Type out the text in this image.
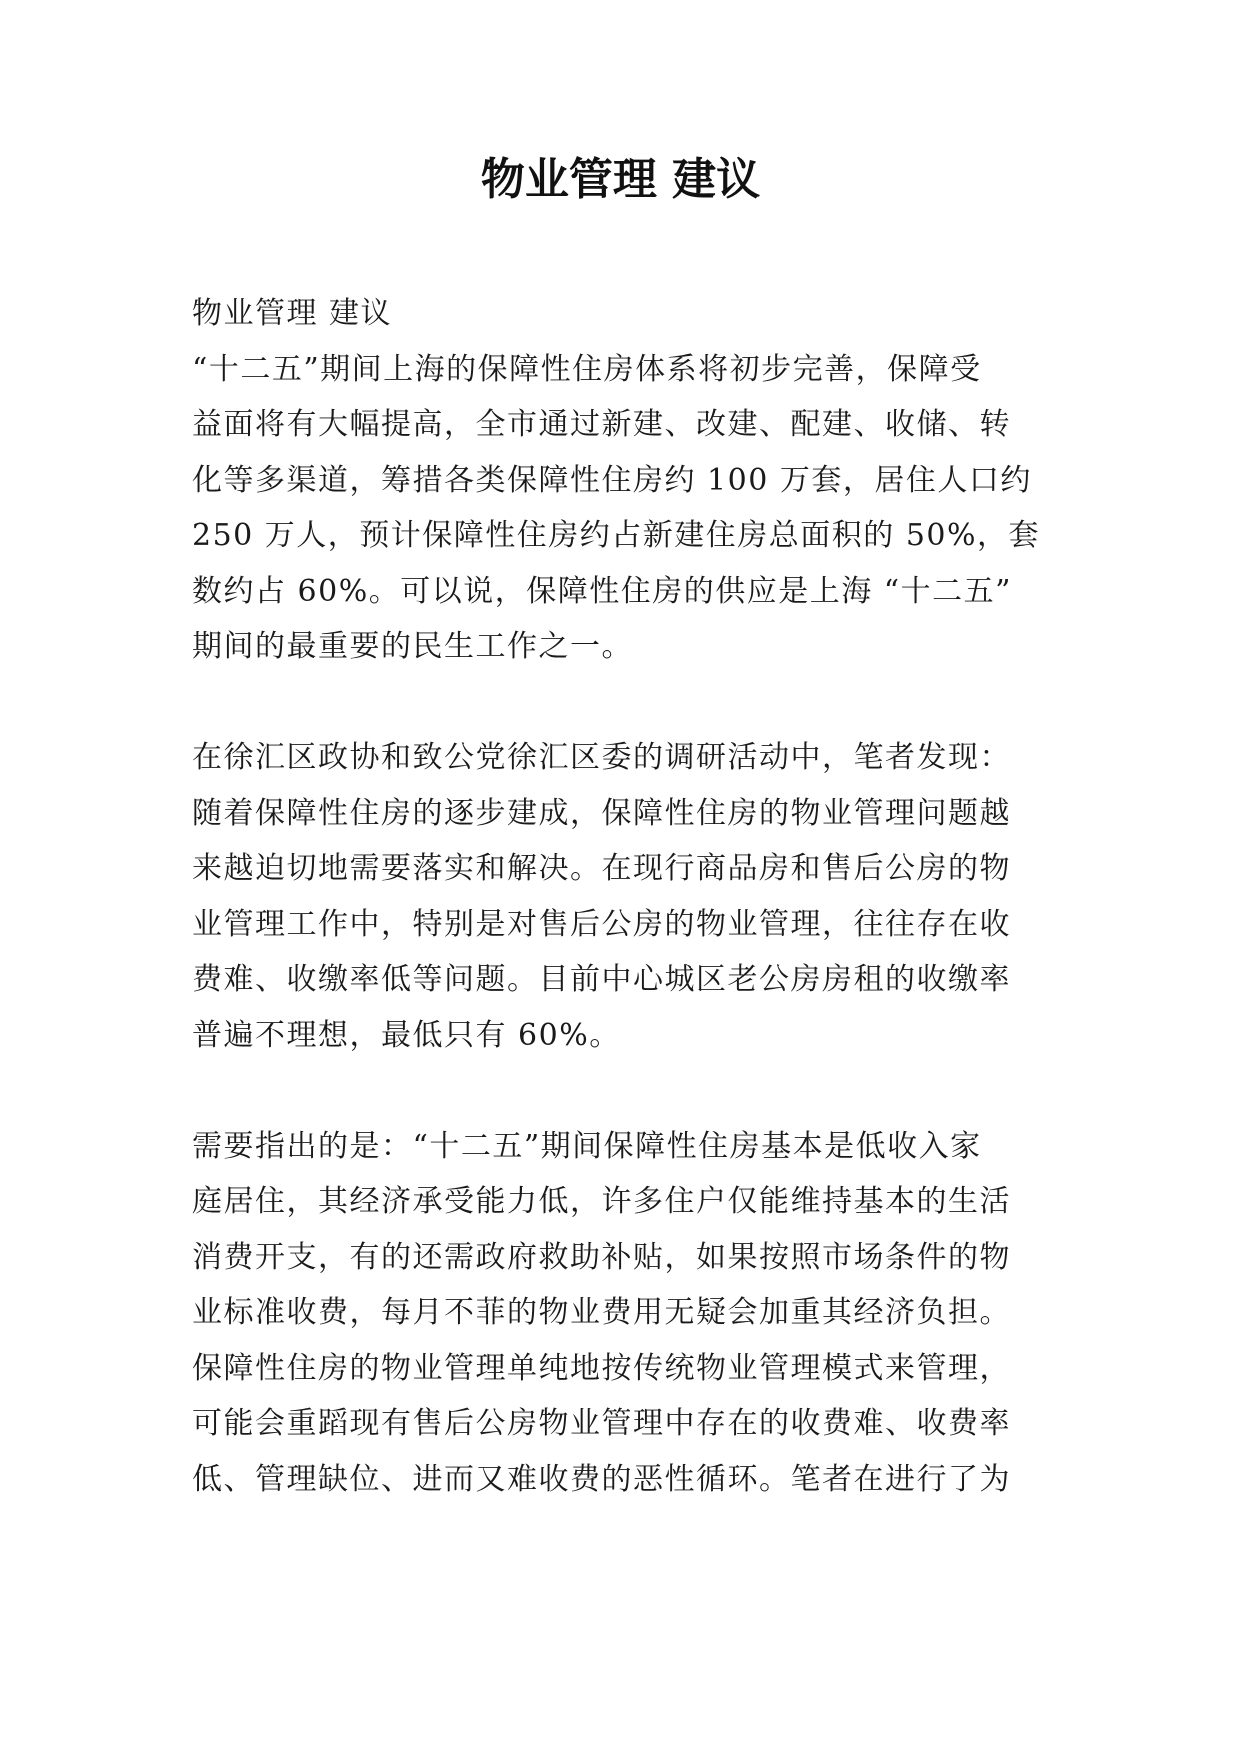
物业管理 建议
物业管理 建议
“十二五”期间上海的保障性住房体系将初步完善，保障受
益面将有大幅提高，全市通过新建、改建、配建、收储、转
化等多渠道，筹措各类保障性住房约 100 万套，居住人口约
250 万人，预计保障性住房约占新建住房总面积的 50%，套
数约占 60%。可以说，保障性住房的供应是上海 “十二五”
期间的最重要的民生工作之一。
在徐汇区政协和致公党徐汇区委的调研活动中，笔者发现：
随着保障性住房的逐步建成，保障性住房的物业管理问题越
来越迫切地需要落实和解决。在现行商品房和售后公房的物
业管理工作中，特别是对售后公房的物业管理，往往存在收
费难、收缴率低等问题。目前中心城区老公房房租的收缴率
普遍不理想，最低只有 60%。
需要指出的是：“十二五”期间保障性住房基本是低收入家
庭居住，其经济承受能力低，许多住户仅能维持基本的生活
消费开支，有的还需政府救助补贴，如果按照市场条件的物
业标准收费，每月不菲的物业费用无疑会加重其经济负担。
保障性住房的物业管理单纯地按传统物业管理模式来管理，
可能会重蹈现有售后公房物业管理中存在的收费难、收费率
低、管理缺位、进而又难收费的恶性循环。笔者在进行了为
